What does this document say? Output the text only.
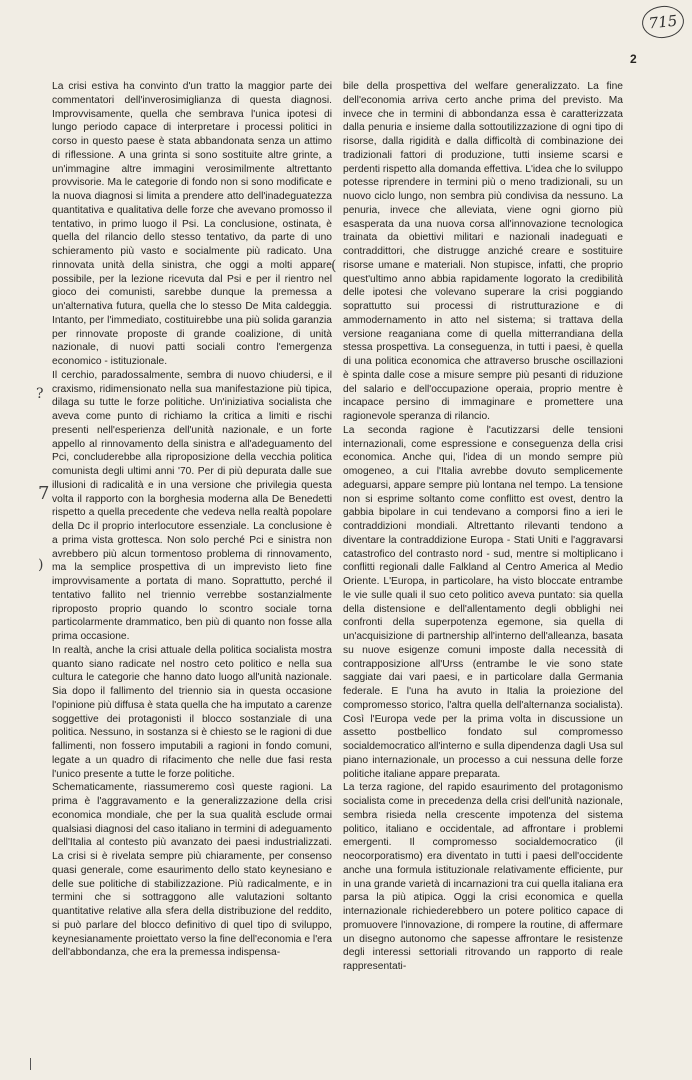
715
2
?
7
)
(

La crisi estiva ha convinto d'un tratto la maggior parte dei commentatori dell'inverosimiglianza di questa diagnosi. Improvvisamente, quella che sembrava l'unica ipotesi di lungo periodo capace di interpretare i processi politici in corso in questo paese è stata abbandonata senza un attimo di riflessione. A una grinta si sono sostituite altre grinte, a un'immagine altre immagini verosimilmente altrettanto provvisorie. Ma le categorie di fondo non si sono modificate e la nuova diagnosi si limita a prendere atto dell'inadeguatezza quantitativa e qualitativa delle forze che avevano promosso il tentativo, in primo luogo il Psi. La conclusione, ostinata, è quella del rilancio dello stesso tentativo, da parte di uno schieramento più vasto e socialmente più radicato. Una rinnovata unità della sinistra, che oggi a molti appare possibile, per la lezione ricevuta dal Psi e per il rientro nel gioco dei comunisti, sarebbe dunque la premessa a un'alternativa futura, quella che lo stesso De Mita caldeggia. Intanto, per l'immediato, costituirebbe una più solida garanzia per rinnovate proposte di grande coalizione, di unità nazionale, di nuovi patti sociali contro l'emergenza economico - istituzionale.

Il cerchio, paradossalmente, sembra di nuovo chiudersi, e il craxismo, ridimensionato nella sua manifestazione più tipica, dilaga su tutte le forze politiche. Un'iniziativa socialista che aveva come punto di richiamo la critica a limiti e rischi presenti nell'esperienza dell'unità nazionale, e un forte appello al rinnovamento della sinistra e all'adeguamento del Pci, concluderebbe alla riproposizione della vecchia politica comunista degli ultimi anni '70. Per di più depurata dalle sue illusioni di radicalità e in una versione che privilegia questa volta il rapporto con la borghesia moderna alla De Benedetti rispetto a quella precedente che vedeva nella realtà popolare della Dc il proprio interlocutore essenziale. La conclusione è a prima vista grottesca. Non solo perché Pci e sinistra non avrebbero più alcun tormentoso problema di rinnovamento, ma la semplice prospettiva di un imprevisto lieto fine improvvisamente a portata di mano. Soprattutto, perché il tentativo fallito nel triennio verrebbe sostanzialmente riproposto proprio quando lo scontro sociale torna particolarmente drammatico, ben più di quanto non fosse alla prima occasione.

In realtà, anche la crisi attuale della politica socialista mostra quanto siano radicate nel nostro ceto politico e nella sua cultura le categorie che hanno dato luogo all'unità nazionale. Sia dopo il fallimento del triennio sia in questa occasione l'opinione più diffusa è stata quella che ha imputato a carenze soggettive dei protagonisti il blocco sostanziale di una politica. Nessuno, in sostanza si è chiesto se le ragioni di due fallimenti, non fossero imputabili a ragioni in fondo comuni, legate a un quadro di rifacimento che nelle due fasi resta l'unico presente a tutte le forze politiche.

Schematicamente, riassumeremo così queste ragioni. La prima è l'aggravamento e la generalizzazione della crisi economica mondiale, che per la sua qualità esclude ormai qualsiasi diagnosi del caso italiano in termini di adeguamento dell'Italia al contesto più avanzato dei paesi industrializzati. La crisi si è rivelata sempre più chiaramente, per consenso quasi generale, come esaurimento dello stato keynesiano e delle sue politiche di stabilizzazione. Più radicalmente, e in termini che si sottraggono alle valutazioni soltanto quantitative relative alla sfera della distribuzione del reddito, si può parlare del blocco definitivo di quel tipo di sviluppo, keynesianamente proiettato verso la fine dell'economia e l'era dell'abbondanza, che era la premessa indispensa-

bile della prospettiva del welfare generalizzato. La fine dell'economia arriva certo anche prima del previsto. Ma invece che in termini di abbondanza essa è caratterizzata dalla penuria e insieme dalla sottoutilizzazione di ogni tipo di risorse, dalla rigidità e dalla difficoltà di combinazione dei tradizionali fattori di produzione, tutti insieme scarsi e perdenti rispetto alla domanda effettiva. L'idea che lo sviluppo potesse riprendere in termini più o meno tradizionali, su un nuovo ciclo lungo, non sembra più condivisa da nessuno. La penuria, invece che alleviata, viene ogni giorno più esasperata da una nuova corsa all'innovazione tecnologica trainata da obiettivi militari e nazionali inadeguati e contraddittori, che distrugge anziché creare e sostituire risorse umane e materiali. Non stupisce, infatti, che proprio quest'ultimo anno abbia rapidamente logorato la credibilità delle ipotesi che volevano superare la crisi poggiando soprattutto sui processi di ristrutturazione e di ammodernamento in atto nel sistema; si trattava della versione reaganiana come di quella mitterrandiana della stessa prospettiva. La conseguenza, in tutti i paesi, è quella di una politica economica che attraverso brusche oscillazioni è spinta dalle cose a misure sempre più pesanti di riduzione del salario e dell'occupazione operaia, proprio mentre è incapace persino di immaginare e promettere una ragionevole speranza di rilancio.

La seconda ragione è l'acutizzarsi delle tensioni internazionali, come espressione e conseguenza della crisi economica. Anche qui, l'idea di un mondo sempre più omogeneo, a cui l'Italia avrebbe dovuto semplicemente adeguarsi, appare sempre più lontana nel tempo. La tensione non si esprime soltanto come conflitto est ovest, dentro la gabbia bipolare in cui tendevano a comporsi fino a ieri le contraddizioni mondiali. Altrettanto rilevanti tendono a diventare la contraddizione Europa - Stati Uniti e l'aggravarsi catastrofico del contrasto nord - sud, mentre si moltiplicano i conflitti regionali dalle Falkland al Centro America al Medio Oriente. L'Europa, in particolare, ha visto bloccate entrambe le vie sulle quali il suo ceto politico aveva puntato: sia quella della distensione e dell'allentamento degli obblighi nei confronti della superpotenza egemone, sia quella di un'acquisizione di partnership all'interno dell'alleanza, basata su nuove esigenze comuni imposte dalla necessità di contrapposizione all'Urss (entrambe le vie sono state saggiate dai vari paesi, e in particolare dalla Germania federale. E l'una ha avuto in Italia la proiezione del compromesso storico, l'altra quella dell'alternanza socialista). Così l'Europa vede per la prima volta in discussione un assetto postbellico fondato sul compromesso socialdemocratico all'interno e sulla dipendenza dagli Usa sul piano internazionale, un processo a cui nessuna delle forze politiche italiane appare preparata.

La terza ragione, del rapido esaurimento del protagonismo socialista come in precedenza della crisi dell'unità nazionale, sembra risieda nella crescente impotenza del sistema politico, italiano e occidentale, ad affrontare i problemi emergenti. Il compromesso socialdemocratico (il neocorporatismo) era diventato in tutti i paesi dell'occidente anche una formula istituzionale relativamente efficiente, pur in una grande varietà di incarnazioni tra cui quella italiana era parsa la più atipica. Oggi la crisi economica e quella internazionale richiederebbero un potere politico capace di promuovere l'innovazione, di rompere la routine, di affermare un disegno autonomo che sapesse affrontare le resistenze degli interessi settoriali ritrovando un rapporto di reale rappresentati-
